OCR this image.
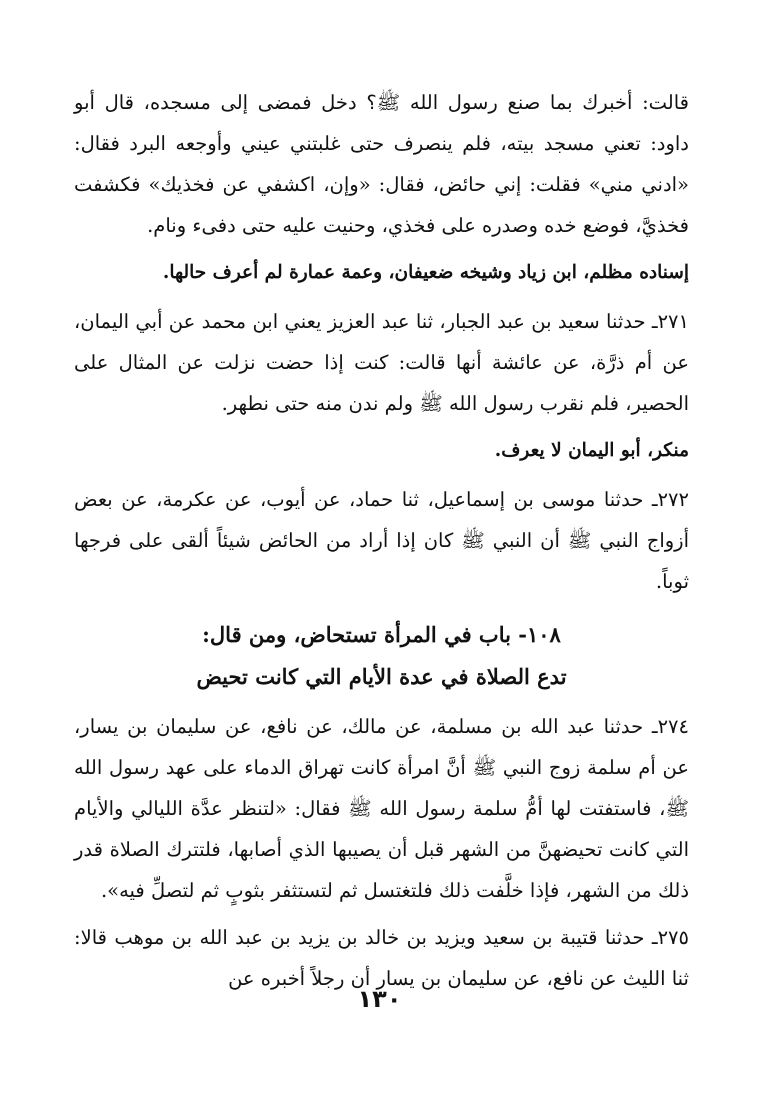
قالت: أخبرك بما صنع رسول الله ﷺ؟ دخل فمضى إلى مسجده، قال أبو داود: تعني مسجد بيته، فلم ينصرف حتى غلبتني عيني وأوجعه البرد فقال: «ادني مني» فقلت: إني حائض، فقال: «وإن، اكشفي عن فخذيك» فكشفت فخذيَّ، فوضع خده وصدره على فخذي، وحنيت عليه حتى دفىء ونام.

إسناده مظلم، ابن زياد وشيخه ضعيفان، وعمة عمارة لم أعرف حالها.

٢٧١ـ حدثنا سعيد بن عبد الجبار، ثنا عبد العزيز يعني ابن محمد عن أبي اليمان، عن أم ذرَّة، عن عائشة أنها قالت: كنت إذا حضت نزلت عن المثال على الحصير، فلم نقرب رسول الله ﷺ ولم ندن منه حتى نطهر.

منكر، أبو اليمان لا يعرف.

٢٧٢ـ حدثنا موسى بن إسماعيل، ثنا حماد، عن أيوب، عن عكرمة، عن بعض أزواج النبي ﷺ أن النبي ﷺ كان إذا أراد من الحائض شيئاً ألقى على فرجها ثوباً.

١٠٨- باب في المرأة تستحاض، ومن قال:
تدع الصلاة في عدة الأيام التي كانت تحيض

٢٧٤ـ حدثنا عبد الله بن مسلمة، عن مالك، عن نافع، عن سليمان بن يسار، عن أم سلمة زوج النبي ﷺ أنَّ امرأة كانت تهراق الدماء على عهد رسول الله ﷺ، فاستفتت لها أمُّ سلمة رسول الله ﷺ فقال: «لتنظر عدَّة الليالي والأيام التي كانت تحيضهنَّ من الشهر قبل أن يصيبها الذي أصابها، فلتترك الصلاة قدر ذلك من الشهر، فإذا خلَّفت ذلك فلتغتسل ثم لتستثفر بثوبٍ ثم لتصلِّ فيه».

٢٧٥ـ حدثنا قتيبة بن سعيد ويزيد بن خالد بن يزيد بن عبد الله بن موهب قالا: ثنا الليث عن نافع، عن سليمان بن يسار أن رجلاً أخبره عن

١٣٠
